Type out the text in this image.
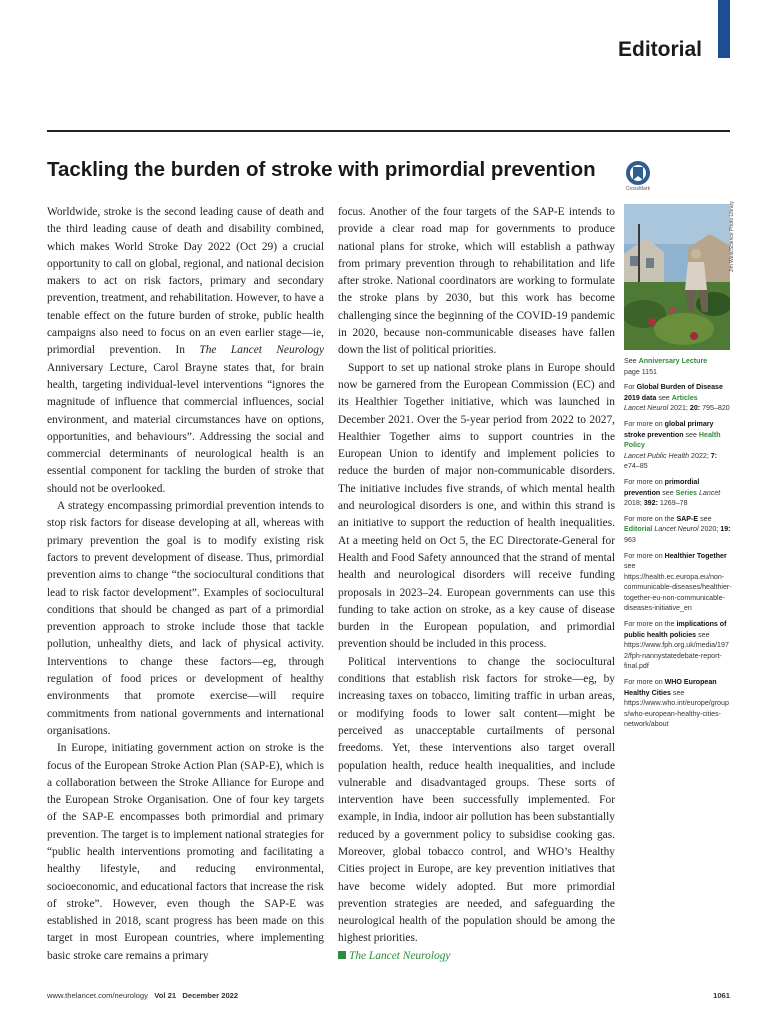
Editorial
Tackling the burden of stroke with primordial prevention
CrossMark

Worldwide, stroke is the second leading cause of death and the third leading cause of death and disability combined, which makes World Stroke Day 2022 (Oct 29) a crucial opportunity to call on global, regional, and national decision makers to act on risk factors, primary and secondary prevention, treatment, and rehabilitation. However, to have a tenable effect on the future burden of stroke, public health campaigns also need to focus on an even earlier stage—ie, primordial prevention. In The Lancet Neurology Anniversary Lecture, Carol Brayne states that, for brain health, targeting individual-level interventions “ignores the magnitude of influence that commercial influences, social environment, and material circumstances have on options, opportunities, and behaviours”. Addressing the social and commercial determinants of neurological health is an essential component for tackling the burden of stroke that should not be overlooked.

A strategy encompassing primordial prevention intends to stop risk factors for disease developing at all, whereas with primary prevention the goal is to modify existing risk factors to prevent development of disease. Thus, primordial prevention aims to change “the sociocultural conditions that lead to risk factor development”. Examples of sociocultural conditions that should be changed as part of a primordial prevention approach to stroke include those that tackle pollution, unhealthy diets, and lack of physical activity. Interventions to change these factors—eg, through regulation of food prices or development of healthy environments that promote exercise—will require commitments from national governments and international organisations.

In Europe, initiating government action on stroke is the focus of the European Stroke Action Plan (SAP-E), which is a collaboration between the Stroke Alliance for Europe and the European Stroke Organisation. One of four key targets of the SAP-E encompasses both primordial and primary prevention. The target is to implement national strategies for “public health interventions promoting and facilitating a healthy lifestyle, and reducing environmental, socioeconomic, and educational factors that increase the risk of stroke”. However, even though the SAP-E was established in 2018, scant progress has been made on this target in most European countries, where implementing basic stroke care remains a primary

focus. Another of the four targets of the SAP-E intends to provide a clear road map for governments to produce national plans for stroke, which will establish a pathway from primary prevention through to rehabilitation and life after stroke. National coordinators are working to formulate the stroke plans by 2030, but this work has become challenging since the beginning of the COVID-19 pandemic in 2020, because non-communicable diseases have fallen down the list of political priorities.

Support to set up national stroke plans in Europe should now be garnered from the European Commission (EC) and its Healthier Together initiative, which was launched in December 2021. Over the 5-year period from 2022 to 2027, Healthier Together aims to support countries in the European Union to identify and implement policies to reduce the burden of major non-communicable disorders. The initiative includes five strands, of which mental health and neurological disorders is one, and within this strand is an initiative to support the reduction of health inequalities. At a meeting held on Oct 5, the EC Directorate-General for Health and Food Safety announced that the strand of mental health and neurological disorders will receive funding proposals in 2023–24. European governments can use this funding to take action on stroke, as a key cause of disease burden in the European population, and primordial prevention should be included in this process.

Political interventions to change the sociocultural conditions that establish risk factors for stroke—eg, by increasing taxes on tobacco, limiting traffic in urban areas, or modifying foods to lower salt content—might be perceived as unacceptable curtailments of personal freedoms. Yet, these interventions also target overall population health, reduce health inequalities, and include vulnerable and disadvantaged groups. These sorts of intervention have been successfully implemented. For example, in India, indoor air pollution has been substantially reduced by a government policy to subsidise cooking gas. Moreover, global tobacco control, and WHO’s Healthy Cities project in Europe, are key prevention initiatives that have become widely adopted. But more primordial prevention strategies are needed, and safeguarding the neurological health of the population should be among the highest priorities.
The Lancet Neurology

Jim West/Science Photo Library
See Anniversary Lecture
page 1151
For Global Burden of Disease 2019 data see Articles
Lancet Neurol 2021; 20: 795–820
For more on global primary stroke prevention see Health Policy
Lancet Public Health 2022; 7: e74–85
For more on primordial prevention see Series Lancet 2018; 392: 1269–78
For more on the SAP-E see Editorial Lancet Neurol 2020; 19: 963
For more on Healthier Together see https://health.ec.europa.eu/non-communicable-diseases/healthier-together-eu-non-communicable-diseases-initiative_en
For more on the implications of public health policies see https://www.fph.org.uk/media/1972/fph-nannystatedebate-report-final.pdf
For more on WHO European Healthy Cities see https://www.who.int/europe/groups/who-european-healthy-cities-network/about
www.thelancet.com/neurology Vol 21 December 2022	1061
